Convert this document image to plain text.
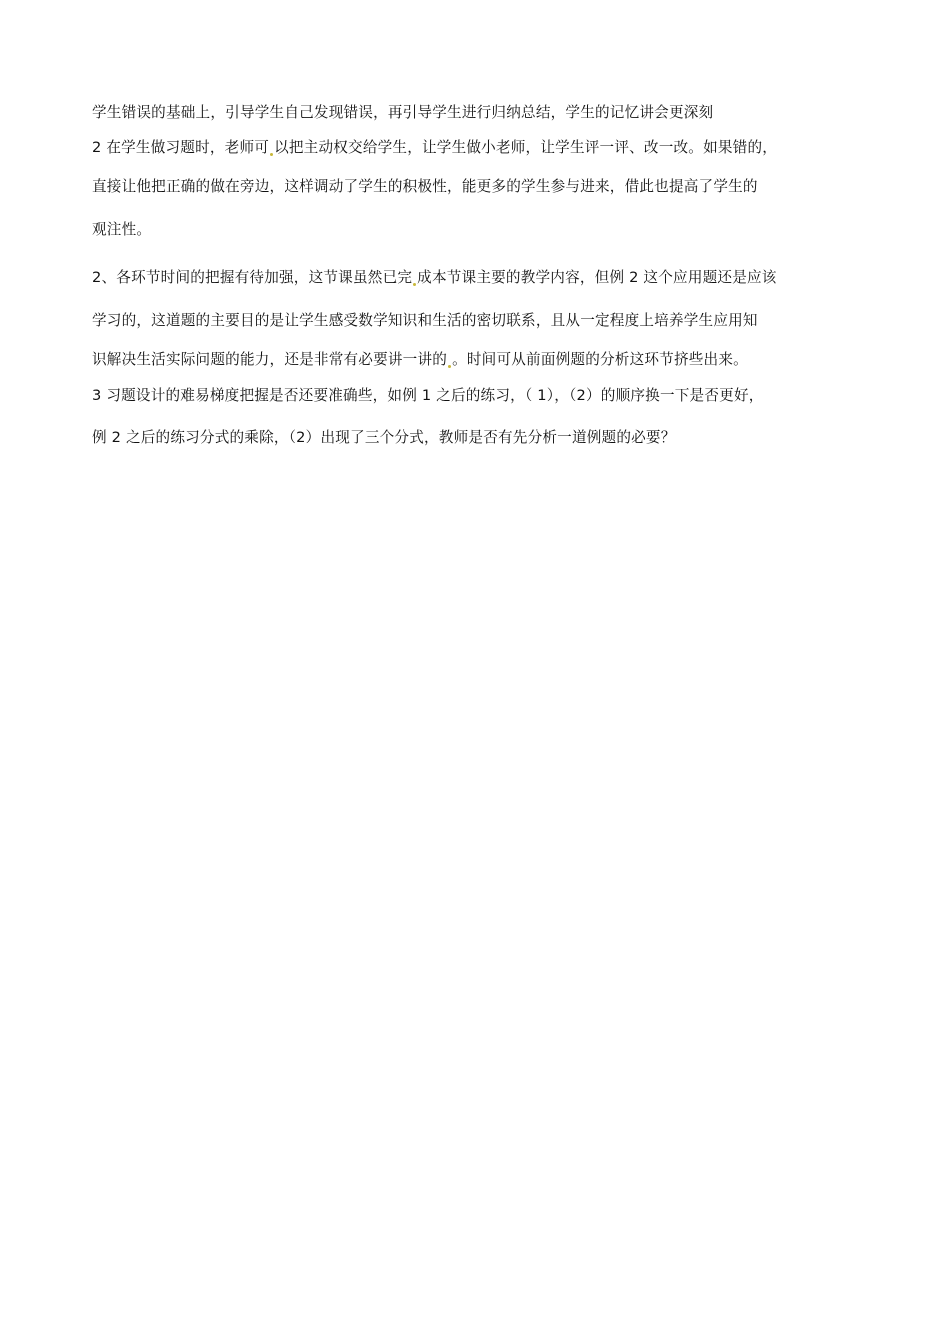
学生错误的基础上，引导学生自己发现错误，再引导学生进行归纳总结，学生的记忆讲会更深刻
2 在学生做习题时，老师可 以把主动权交给学生，让学生做小老师，让学生评一评、改一改。如果错的，
直接让他把正确的做在旁边，这样调动了学生的积极性，能更多的学生参与进来，借此也提高了学生的
观注性。
2、各环节时间的把握有待加强，这节课虽然已完 成本节课主要的教学内容，但例 2 这个应用题还是应该
学习的，这道题的主要目的是让学生感受数学知识和生活的密切联系，且从一定程度上培养学生应用知
识解决生活实际问题的能力，还是非常有必要讲一讲的 。时间可从前面例题的分析这环节挤些出来。
3 习题设计的难易梯度把握是否还要准确些，如例 1 之后的练习，（ 1），（2）的顺序换一下是否更好，
例 2 之后的练习分式的乘除，（2）出现了三个分式，教师是否有先分析一道例题的必要？
